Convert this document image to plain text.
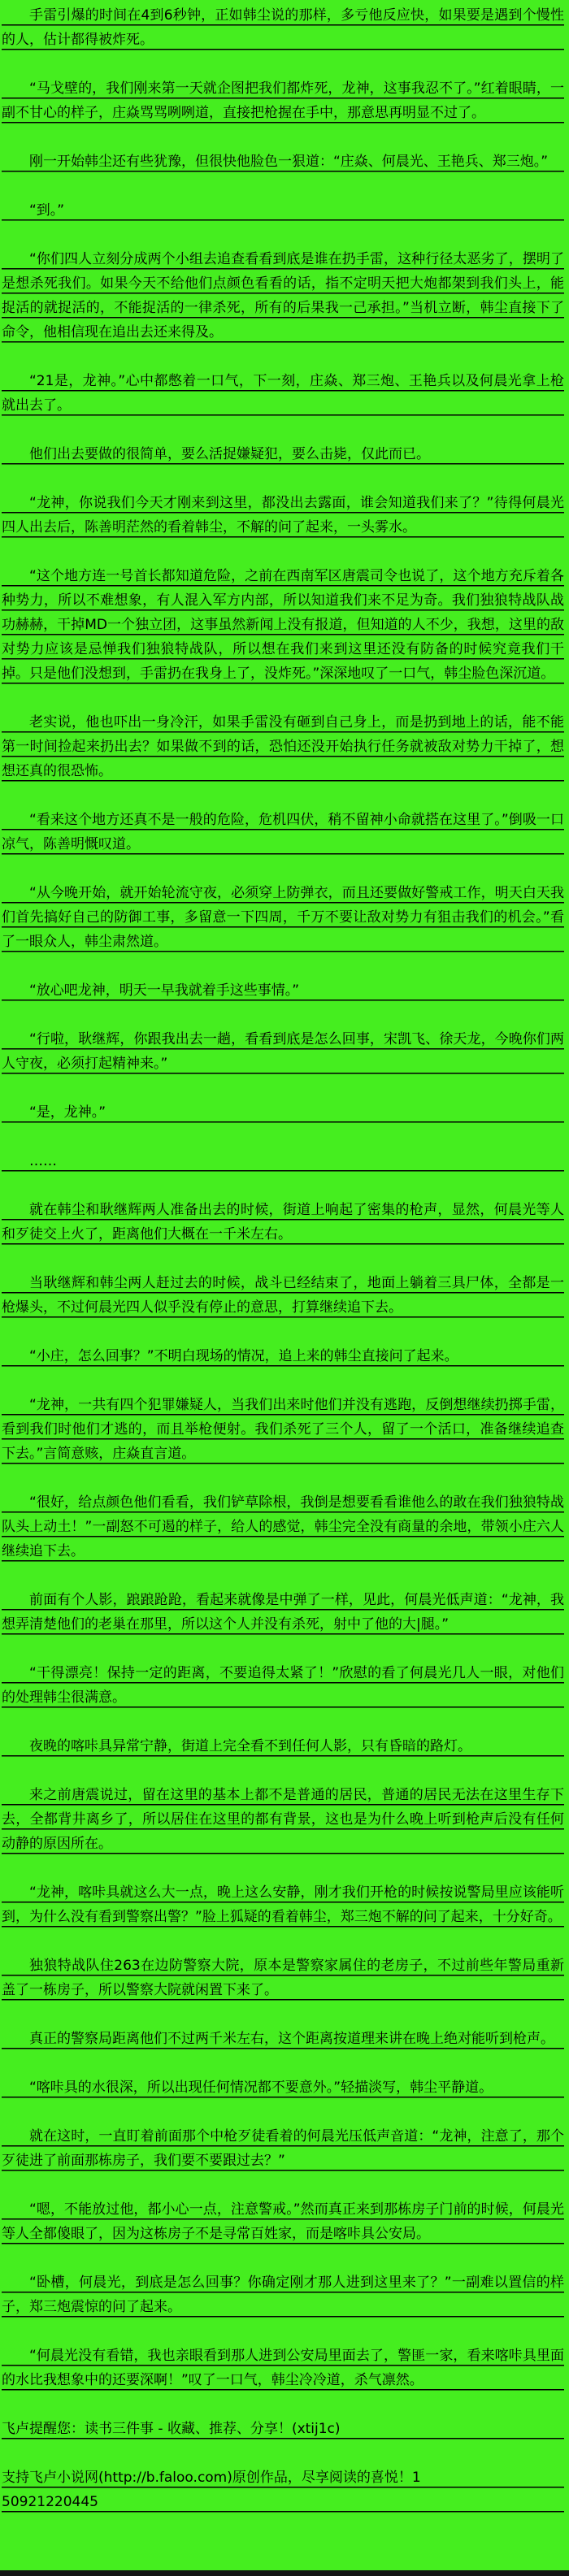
手雷引爆的时间在4到6秒钟，正如韩尘说的那样，多亏他反应快，如果要是遇到个慢性的人，估计都得被炸死。

“马戈壁的，我们刚来第一天就企图把我们都炸死，龙神，这事我忍不了。”红着眼睛，一副不甘心的样子，庄焱骂骂咧咧道，直接把枪握在手中，那意思再明显不过了。

刚一开始韩尘还有些犹豫，但很快他脸色一狠道：“庄焱、何晨光、王艳兵、郑三炮。”

“到。”

“你们四人立刻分成两个小组去追查看看到底是谁在扔手雷，这种行径太恶劣了，摆明了是想杀死我们。如果今天不给他们点颜色看看的话，指不定明天把大炮都架到我们头上，能捉活的就捉活的，不能捉活的一律杀死，所有的后果我一己承担。”当机立断，韩尘直接下了命令，他相信现在追出去还来得及。

“21是，龙神。”心中都憋着一口气，下一刻，庄焱、郑三炮、王艳兵以及何晨光拿上枪就出去了。

他们出去要做的很简单，要么活捉嫌疑犯，要么击毙，仅此而已。

“龙神，你说我们今天才刚来到这里，都没出去露面，谁会知道我们来了？”待得何晨光四人出去后，陈善明茫然的看着韩尘，不解的问了起来，一头雾水。

“这个地方连一号首长都知道危险，之前在西南军区唐震司令也说了，这个地方充斥着各种势力，所以不难想象，有人混入军方内部，所以知道我们来不足为奇。我们独狼特战队战功赫赫，干掉MD一个独立团，这事虽然新闻上没有报道，但知道的人不少，我想，这里的敌对势力应该是忌惮我们独狼特战队，所以想在我们来到这里还没有防备的时候究竟我们干掉。只是他们没想到，手雷扔在我身上了，没炸死。”深深地叹了一口气，韩尘脸色深沉道。

老实说，他也吓出一身冷汗，如果手雷没有砸到自己身上，而是扔到地上的话，能不能第一时间捡起来扔出去？如果做不到的话，恐怕还没开始执行任务就被敌对势力干掉了，想想还真的很恐怖。

“看来这个地方还真不是一般的危险，危机四伏，稍不留神小命就搭在这里了。”倒吸一口凉气，陈善明慨叹道。

“从今晚开始，就开始轮流守夜，必须穿上防弹衣，而且还要做好警戒工作，明天白天我们首先搞好自己的防御工事，多留意一下四周，千万不要让敌对势力有狙击我们的机会。”看了一眼众人，韩尘肃然道。

“放心吧龙神，明天一早我就着手这些事情。”

“行啦，耿继辉，你跟我出去一趟，看看到底是怎么回事，宋凯飞、徐天龙，今晚你们两人守夜，必须打起精神来。”

“是，龙神。”

……

就在韩尘和耿继辉两人准备出去的时候，街道上响起了密集的枪声，显然，何晨光等人和歹徒交上火了，距离他们大概在一千米左右。

当耿继辉和韩尘两人赶过去的时候，战斗已经结束了，地面上躺着三具尸体，全都是一枪爆头，不过何晨光四人似乎没有停止的意思，打算继续追下去。

“小庄，怎么回事？”不明白现场的情况，追上来的韩尘直接问了起来。

“龙神，一共有四个犯罪嫌疑人，当我们出来时他们并没有逃跑，反倒想继续扔掷手雷，看到我们时他们才逃的，而且举枪便射。我们杀死了三个人，留了一个活口，准备继续追查下去。”言简意赅，庄焱直言道。

“很好，给点颜色他们看看，我们铲草除根，我倒是想要看看谁他么的敢在我们独狼特战队头上动土！”一副怒不可遏的样子，给人的感觉，韩尘完全没有商量的余地，带领小庄六人继续追下去。

前面有个人影，踉踉跄跄，看起来就像是中弹了一样，见此，何晨光低声道：“龙神，我想弄清楚他们的老巢在那里，所以这个人并没有杀死，射中了他的大|腿。”

“干得漂亮！保持一定的距离，不要追得太紧了！”欣慰的看了何晨光几人一眼，对他们的处理韩尘很满意。

夜晚的喀咔具异常宁静，街道上完全看不到任何人影，只有昏暗的路灯。

来之前唐震说过，留在这里的基本上都不是普通的居民，普通的居民无法在这里生存下去，全都背井离乡了，所以居住在这里的都有背景，这也是为什么晚上听到枪声后没有任何动静的原因所在。

“龙神，喀咔具就这么大一点，晚上这么安静，刚才我们开枪的时候按说警局里应该能听到，为什么没有看到警察出警？”脸上狐疑的看着韩尘，郑三炮不解的问了起来，十分好奇。

独狼特战队住263在边防警察大院，原本是警察家属住的老房子，不过前些年警局重新盖了一栋房子，所以警察大院就闲置下来了。

真正的警察局距离他们不过两千米左右，这个距离按道理来讲在晚上绝对能听到枪声。

“喀咔具的水很深，所以出现任何情况都不要意外。”轻描淡写，韩尘平静道。

就在这时，一直盯着前面那个中枪歹徒看着的何晨光压低声音道：“龙神，注意了，那个歹徒进了前面那栋房子，我们要不要跟过去？”

“嗯，不能放过他，都小心一点，注意警戒。”然而真正来到那栋房子门前的时候，何晨光等人全都傻眼了，因为这栋房子不是寻常百姓家，而是喀咔具公安局。

“卧槽，何晨光，到底是怎么回事？你确定刚才那人进到这里来了？”一副难以置信的样子，郑三炮震惊的问了起来。

“何晨光没有看错，我也亲眼看到那人进到公安局里面去了，警匪一家，看来喀咔具里面的水比我想象中的还要深啊！”叹了一口气，韩尘冷冷道，杀气凛然。

飞卢提醒您：读书三件事 - 收藏、推荐、分享！(xtij1c)

支持飞卢小说网(http://b.faloo.com)原创作品，尽享阅读的喜悦！1
50921220445
